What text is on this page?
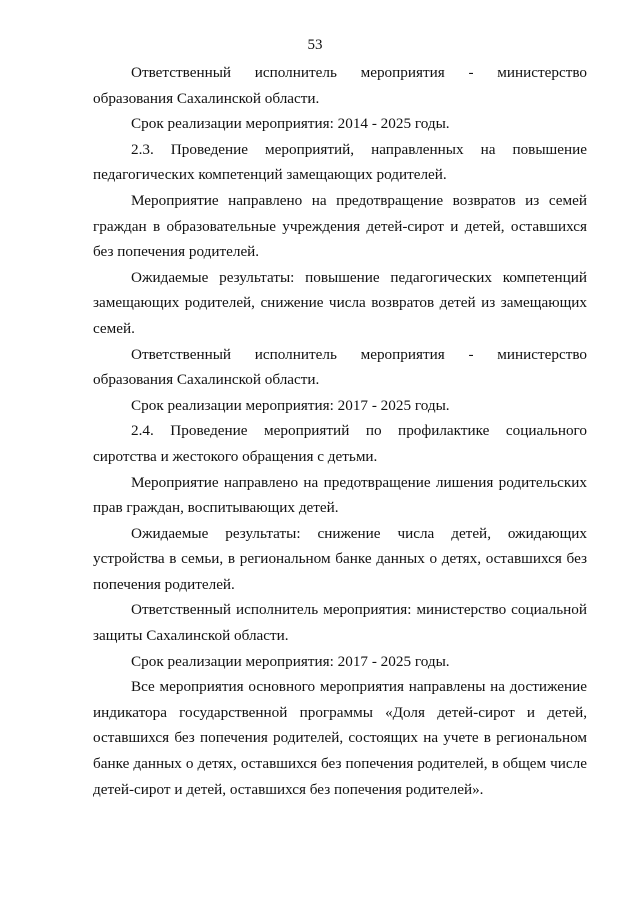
53

Ответственный исполнитель мероприятия - министерство образования Сахалинской области.

Срок реализации мероприятия: 2014 - 2025 годы.

2.3. Проведение мероприятий, направленных на повышение педагогических компетенций замещающих родителей.

Мероприятие направлено на предотвращение возвратов из семей граждан в образовательные учреждения детей-сирот и детей, оставшихся без попечения родителей.

Ожидаемые результаты: повышение педагогических компетенций замещающих родителей, снижение числа возвратов детей из замещающих семей.

Ответственный исполнитель мероприятия - министерство образования Сахалинской области.

Срок реализации мероприятия: 2017 - 2025 годы.

2.4. Проведение мероприятий по профилактике социального сиротства и жестокого обращения с детьми.

Мероприятие направлено на предотвращение лишения родительских прав граждан, воспитывающих детей.

Ожидаемые результаты: снижение числа детей, ожидающих устройства в семьи, в региональном банке данных о детях, оставшихся без попечения родителей.

Ответственный исполнитель мероприятия: министерство социальной защиты Сахалинской области.

Срок реализации мероприятия: 2017 - 2025 годы.

Все мероприятия основного мероприятия направлены на достижение индикатора государственной программы «Доля детей-сирот и детей, оставшихся без попечения родителей, состоящих на учете в региональном банке данных о детях, оставшихся без попечения родителей, в общем числе детей-сирот и детей, оставшихся без попечения родителей».
